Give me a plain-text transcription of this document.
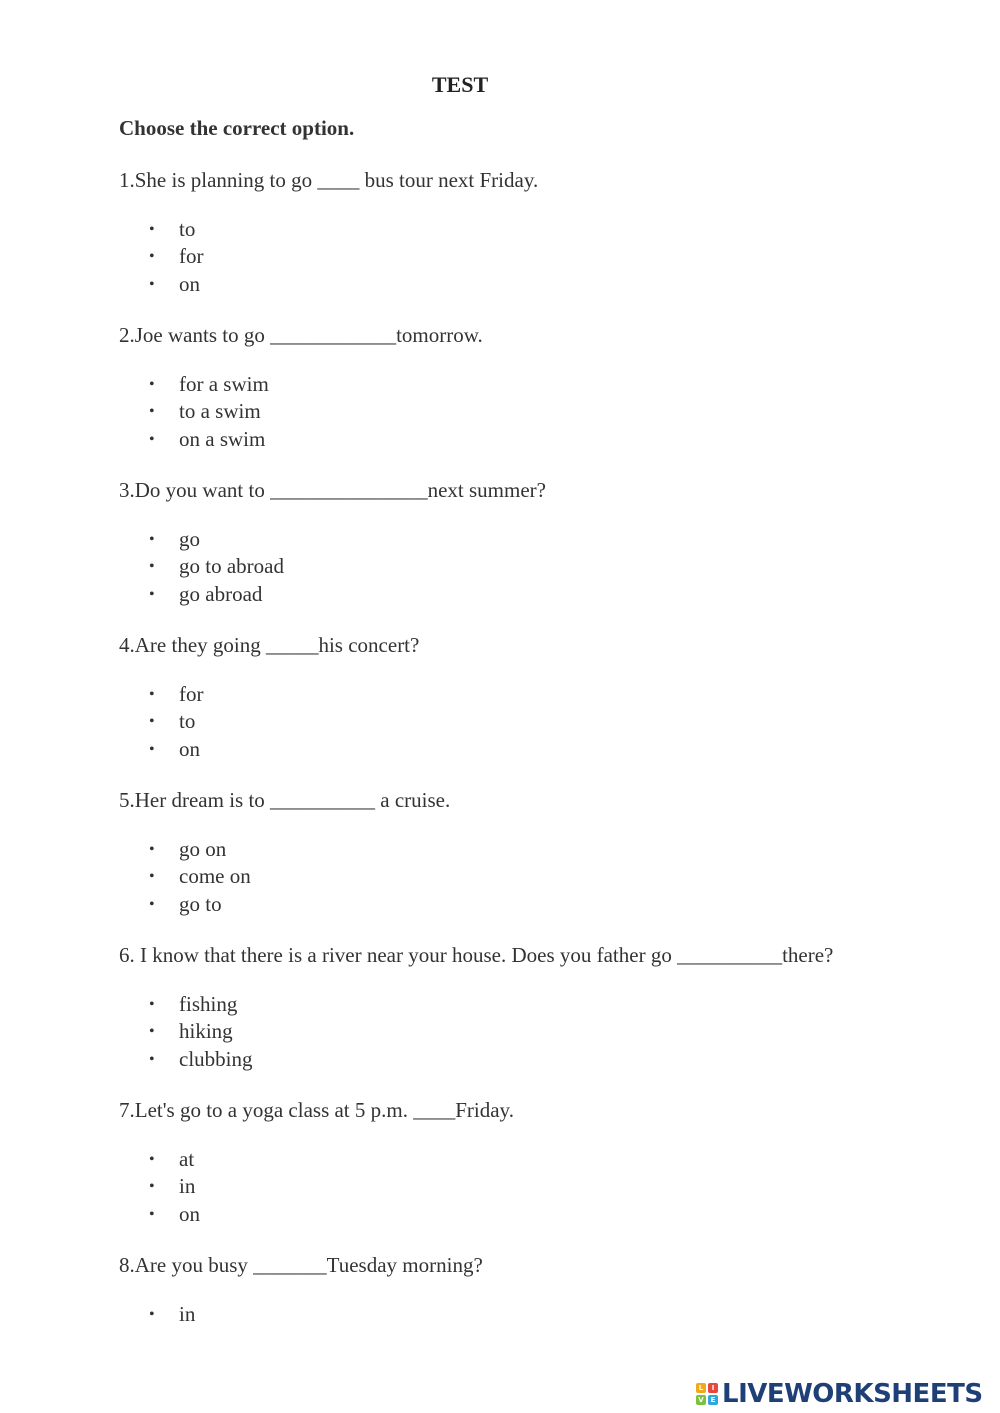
TEST
Choose the correct option.
1.She is planning to go ____ bus tour next Friday.
• to
• for
• on
2.Joe wants to go ____________tomorrow.
• for a swim
• to a swim
• on a swim
3.Do you want to _______________next summer?
• go
• go to abroad
• go abroad
4.Are they going _____his concert?
• for
• to
• on
5.Her dream is to __________ a cruise.
• go on
• come on
• go to
6. I know that there is a river near your house. Does you father go __________there?
• fishing
• hiking
• clubbing
7.Let's go to a yoga class at 5 p.m. ____Friday.
• at
• in
• on
8.Are you busy _______Tuesday morning?
• in
L	I
V E LIVEWORKSHEETS
